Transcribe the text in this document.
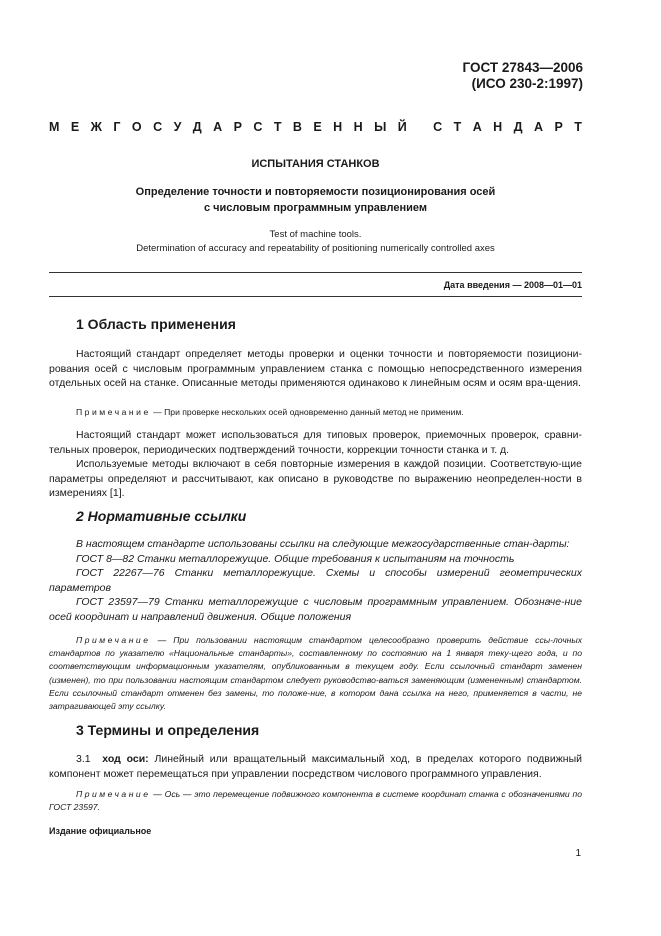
ГОСТ 27843—2006
(ИСО 230-2:1997)
М Е Ж Г О С У Д А Р С Т В Е Н Н Ы Й
С Т А Н Д А Р Т
ИСПЫТАНИЯ СТАНКОВ
Определение точности и повторяемости позиционирования осей
с числовым программным управлением
Test of machine tools.
Determination of accuracy and repeatability of positioning numerically controlled axes
Дата введения — 2008—01—01
1 Область применения

Настоящий стандарт определяет методы проверки и оценки точности и повторяемости позициони-рования осей с числовым программным управлением станка с помощью непосредственного измерения отдельных осей на станке. Описанные методы применяются одинаково к линейным осям и осям вра-щения.

Примечание — При проверке нескольких осей одновременно данный метод не применим.

Настоящий стандарт может использоваться для типовых проверок, приемочных проверок, сравни-тельных проверок, периодических подтверждений точности, коррекции точности станка и т. д.

Используемые методы включают в себя повторные измерения в каждой позиции. Соответствую-щие параметры определяют и рассчитывают, как описано в руководстве по выражению неопределен-ности в измерениях [1].

2 Нормативные ссылки

В настоящем стандарте использованы ссылки на следующие межгосударственные стан-дарты:

ГОСТ 8—82 Станки металлорежущие. Общие требования к испытаниям на точность

ГОСТ 22267—76 Станки металлорежущие. Схемы и способы измерений геометрических параметров

ГОСТ 23597—79 Станки металлорежущие с числовым программным управлением. Обозначе-ние осей координат и направлений движения. Общие положения

Примечание — При пользовании настоящим стандартом целесообразно проверить действие ссы-лочных стандартов по указателю «Национальные стандарты», составленному по состоянию на 1 января теку-щего года, и по соответствующим информационным указателям, опубликованным в текущем году. Если ссылочный стандарт заменен (изменен), то при пользовании настоящим стандартом следует руководство-ваться заменяющим (измененным) стандартом. Если ссылочный стандарт отменен без замены, то положе-ние, в котором дана ссылка на него, применяется в части, не затрагивающей эту ссылку.

3 Термины и определения

3.1 ход оси: Линейный или вращательный максимальный ход, в пределах которого подвижный компонент может перемещаться при управлении посредством числового программного управления.

Примечание — Ось — это перемещение подвижного компонента в системе координат станка с обозначениями по ГОСТ 23597.

Издание официальное
1
